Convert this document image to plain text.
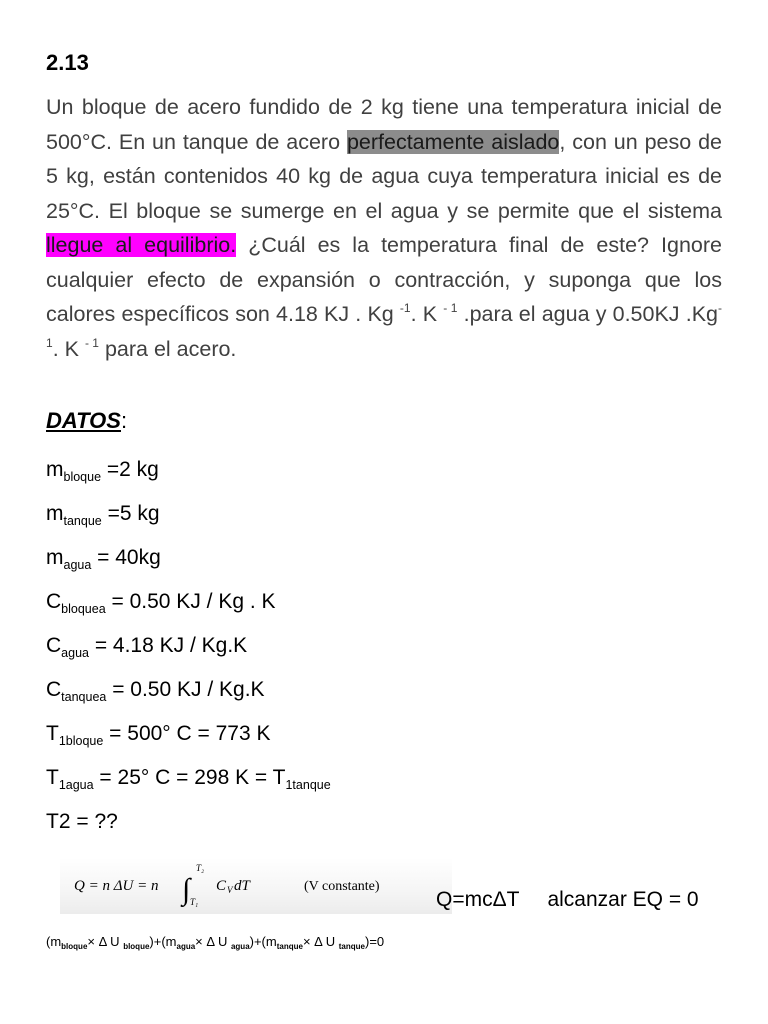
2.13
Un bloque de acero fundido de 2 kg tiene una temperatura inicial de 500°C. En un tanque de acero perfectamente aislado, con un peso de 5 kg, están contenidos 40 kg de agua cuya temperatura inicial es de 25°C. El bloque se sumerge en el agua y se permite que el sistema llegue al equilibrio. ¿Cuál es la temperatura final de este? Ignore cualquier efecto de expansión o contracción, y suponga que los calores específicos son 4.18 KJ . Kg $^{-1}$. K $^{- 1}$ .para el agua y 0.50KJ $.Kg^{-1}$. K $^{- 1}$ para el acero.
DATOS:
$m_{bloque} =2$ kg
$m_{tanque} =5$ kg
$m_{agua} = 40kg$
$C_{bloquea} = 0.50$ KJ / Kg . K
$C_{agua} = 4.18$ KJ / Kg.K
$C_{tanquea} = 0.50$ KJ / Kg.K
$T_{1bloque} = 500^\circ$ C = 773 K
$T_{1agua} = 25^\circ$ C = 298 $K = T_{1tanque}$
T2 = ??
Q = n ΔU = n ∫
T₂
T₁
C V dT	(V constante)
Q=mcΔT alcanzar EQ = 0
($m_{bloque}\times \Delta$ U $_{bloque})+(m_{agua}\times \Delta$ U $_{agua})+(m_{tanque}\times \Delta$ U $_{tanque}$)=0
